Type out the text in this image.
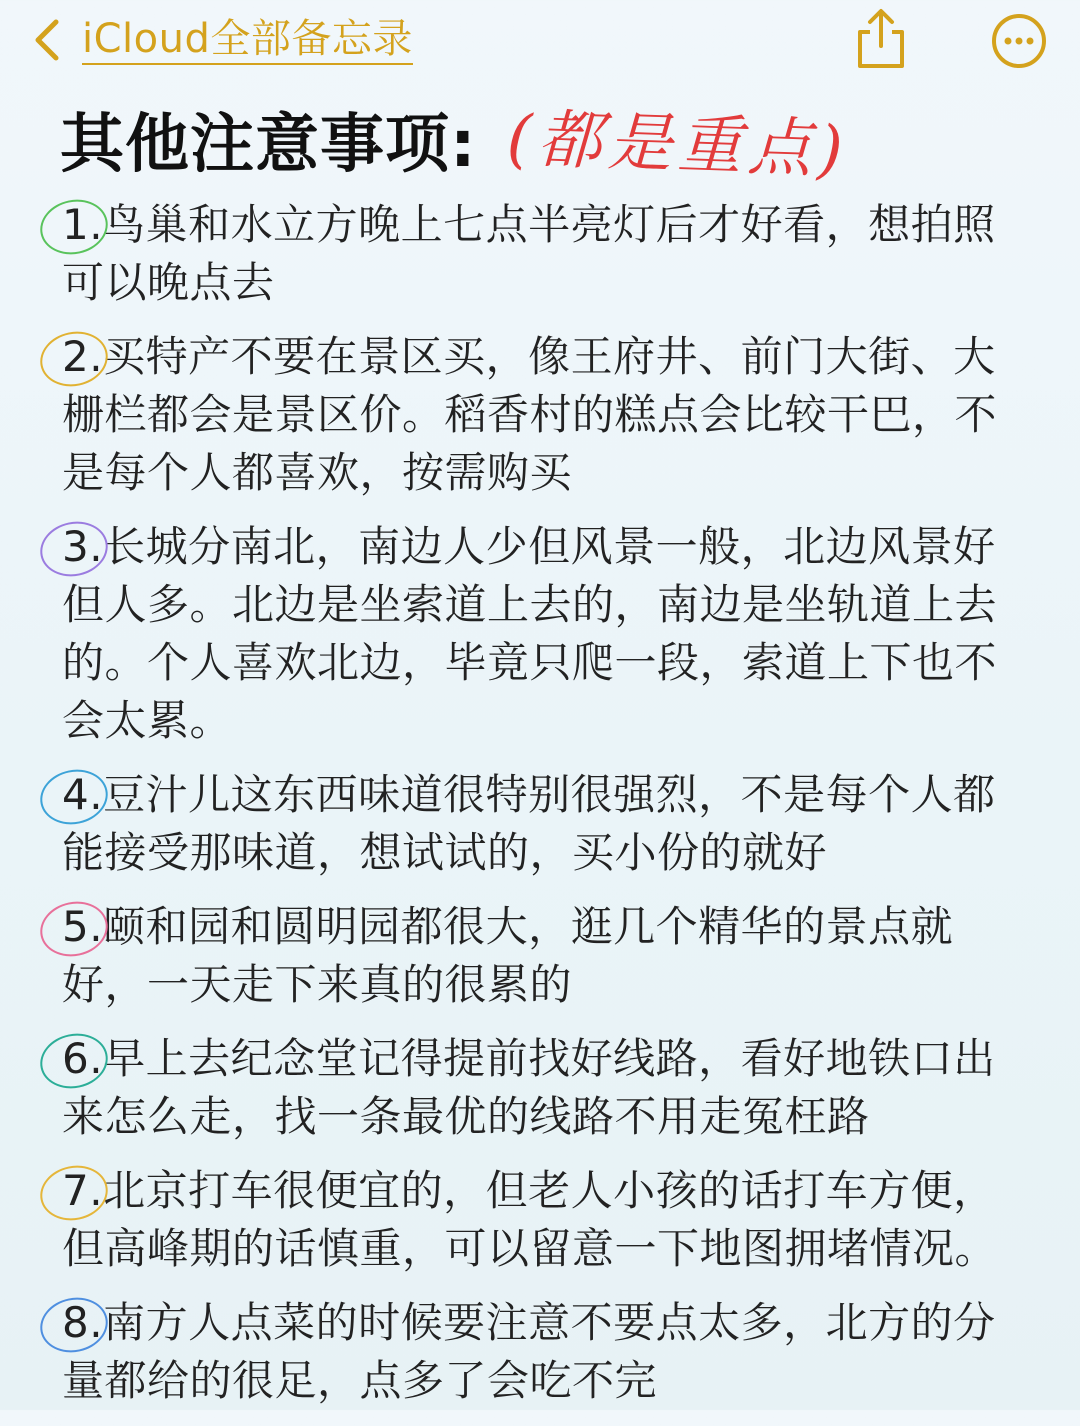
iCloud全部备忘录
其他注意事项: (都是重点)
1.鸟巢和水立方晚上七点半亮灯后才好看，想拍照可以晚点去
2.买特产不要在景区买，像王府井、前门大街、大栅栏都会是景区价。稻香村的糕点会比较干巴，不是每个人都喜欢，按需购买
3.长城分南北，南边人少但风景一般，北边风景好但人多。北边是坐索道上去的，南边是坐轨道上去的。个人喜欢北边，毕竟只爬一段，索道上下也不会太累。
4.豆汁儿这东西味道很特别很强烈，不是每个人都能接受那味道，想试试的，买小份的就好
5.颐和园和圆明园都很大，逛几个精华的景点就好，一天走下来真的很累的
6.早上去纪念堂记得提前找好线路，看好地铁口出来怎么走，找一条最优的线路不用走冤枉路
7.北京打车很便宜的，但老人小孩的话打车方便，但高峰期的话慎重，可以留意一下地图拥堵情况。
8.南方人点菜的时候要注意不要点太多，北方的分量都给的很足，点多了会吃不完
